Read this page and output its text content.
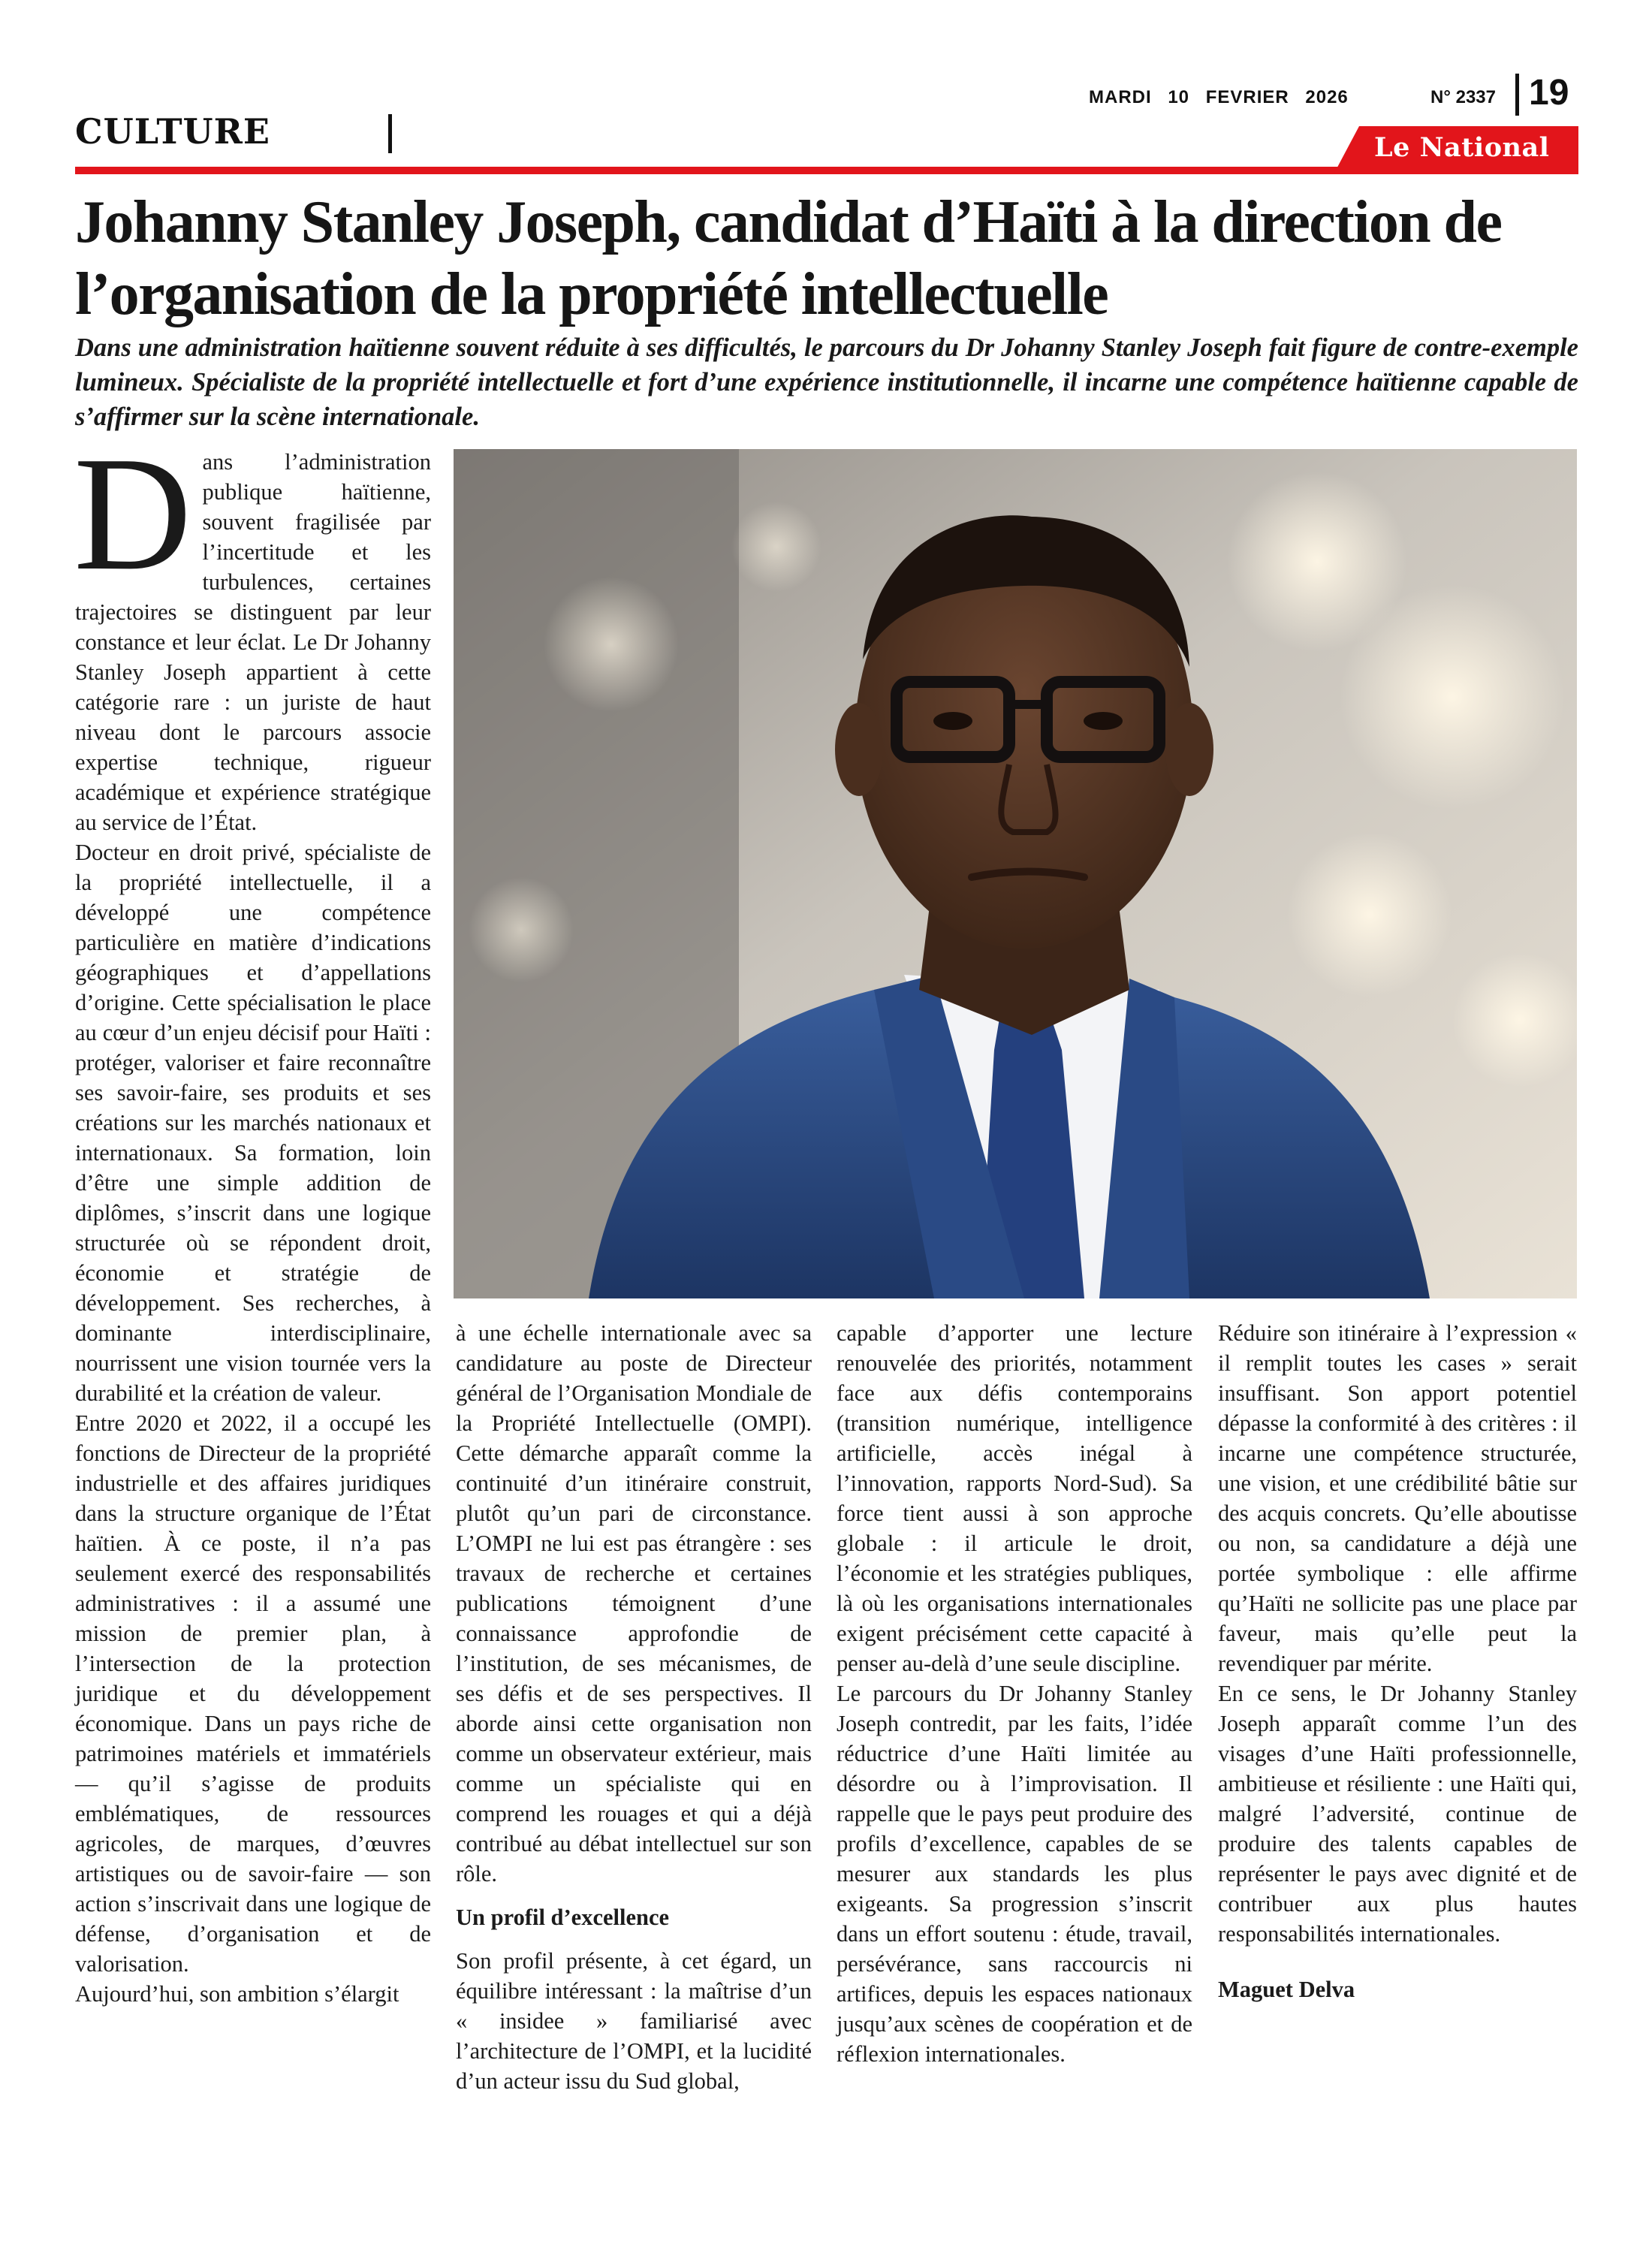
CULTURE
MARDI 10 FEVRIER 2026	N° 2337 19
Le National
Johanny Stanley Joseph, candidat d’Haïti à la direction de l’organisation de la propriété intellectuelle

Dans une administration haïtienne souvent réduite à ses difficultés, le parcours du Dr Johanny Stanley Joseph fait figure de contre-exemple lumineux. Spécialiste de la propriété intellectuelle et fort d’une expérience institutionnelle, il incarne une compétence haïtienne capable de s’affirmer sur la scène internationale.

Dans l’administration publique haïtienne, souvent fragilisée par l’incertitude et les turbulences, certaines trajectoires se distinguent par leur constance et leur éclat. Le Dr Johanny Stanley Joseph appartient à cette catégorie rare : un juriste de haut niveau dont le parcours associe expertise technique, rigueur académique et expérience stratégique au service de l’État.

Docteur en droit privé, spécialiste de la propriété intellectuelle, il a développé une compétence particulière en matière d’indications géographiques et d’appellations d’origine. Cette spécialisation le place au cœur d’un enjeu décisif pour Haïti : protéger, valoriser et faire reconnaître ses savoir-faire, ses produits et ses créations sur les marchés nationaux et internationaux. Sa formation, loin d’être une simple addition de diplômes, s’inscrit dans une logique structurée où se répondent droit, économie et stratégie de développement. Ses recherches, à dominante interdisciplinaire, nourrissent une vision tournée vers la durabilité et la création de valeur.

Entre 2020 et 2022, il a occupé les fonctions de Directeur de la propriété industrielle et des affaires juridiques dans la structure organique de l’État haïtien. À ce poste, il n’a pas seulement exercé des responsabilités administratives : il a assumé une mission de premier plan, à l’intersection de la protection juridique et du développement économique. Dans un pays riche de patrimoines matériels et immatériels — qu’il s’agisse de produits emblématiques, de ressources agricoles, de marques, d’œuvres artistiques ou de savoir-faire — son action s’inscrivait dans une logique de défense, d’organisation et de valorisation.

Aujourd’hui, son ambition s’élargit

à une échelle internationale avec sa candidature au poste de Directeur général de l’Organisation Mondiale de la Propriété Intellectuelle (OMPI). Cette démarche apparaît comme la continuité d’un itinéraire construit, plutôt qu’un pari de circonstance. L’OMPI ne lui est pas étrangère : ses travaux de recherche et certaines publications témoignent d’une connaissance approfondie de l’institution, de ses mécanismes, de ses défis et de ses perspectives. Il aborde ainsi cette organisation non comme un observateur extérieur, mais comme un spécialiste qui en comprend les rouages et qui a déjà contribué au débat intellectuel sur son rôle.

Un profil d’excellence

Son profil présente, à cet égard, un équilibre intéressant : la maîtrise d’un « insidee » familiarisé avec l’architecture de l’OMPI, et la lucidité d’un acteur issu du Sud global,

capable d’apporter une lecture renouvelée des priorités, notamment face aux défis contemporains (transition numérique, intelligence artificielle, accès inégal à l’innovation, rapports Nord-Sud). Sa force tient aussi à son approche globale : il articule le droit, l’économie et les stratégies publiques, là où les organisations internationales exigent précisément cette capacité à penser au-delà d’une seule discipline.

Le parcours du Dr Johanny Stanley Joseph contredit, par les faits, l’idée réductrice d’une Haïti limitée au désordre ou à l’improvisation. Il rappelle que le pays peut produire des profils d’excellence, capables de se mesurer aux standards les plus exigeants. Sa progression s’inscrit dans un effort soutenu : étude, travail, persévérance, sans raccourcis ni artifices, depuis les espaces nationaux jusqu’aux scènes de coopération et de réflexion internationales.

Réduire son itinéraire à l’expression « il remplit toutes les cases » serait insuffisant. Son apport potentiel dépasse la conformité à des critères : il incarne une compétence structurée, une vision, et une crédibilité bâtie sur des acquis concrets. Qu’elle aboutisse ou non, sa candidature a déjà une portée symbolique : elle affirme qu’Haïti ne sollicite pas une place par faveur, mais qu’elle peut la revendiquer par mérite.

En ce sens, le Dr Johanny Stanley Joseph apparaît comme l’un des visages d’une Haïti professionnelle, ambitieuse et résiliente : une Haïti qui, malgré l’adversité, continue de produire des talents capables de représenter le pays avec dignité et de contribuer aux plus hautes responsabilités internationales.

Maguet Delva
